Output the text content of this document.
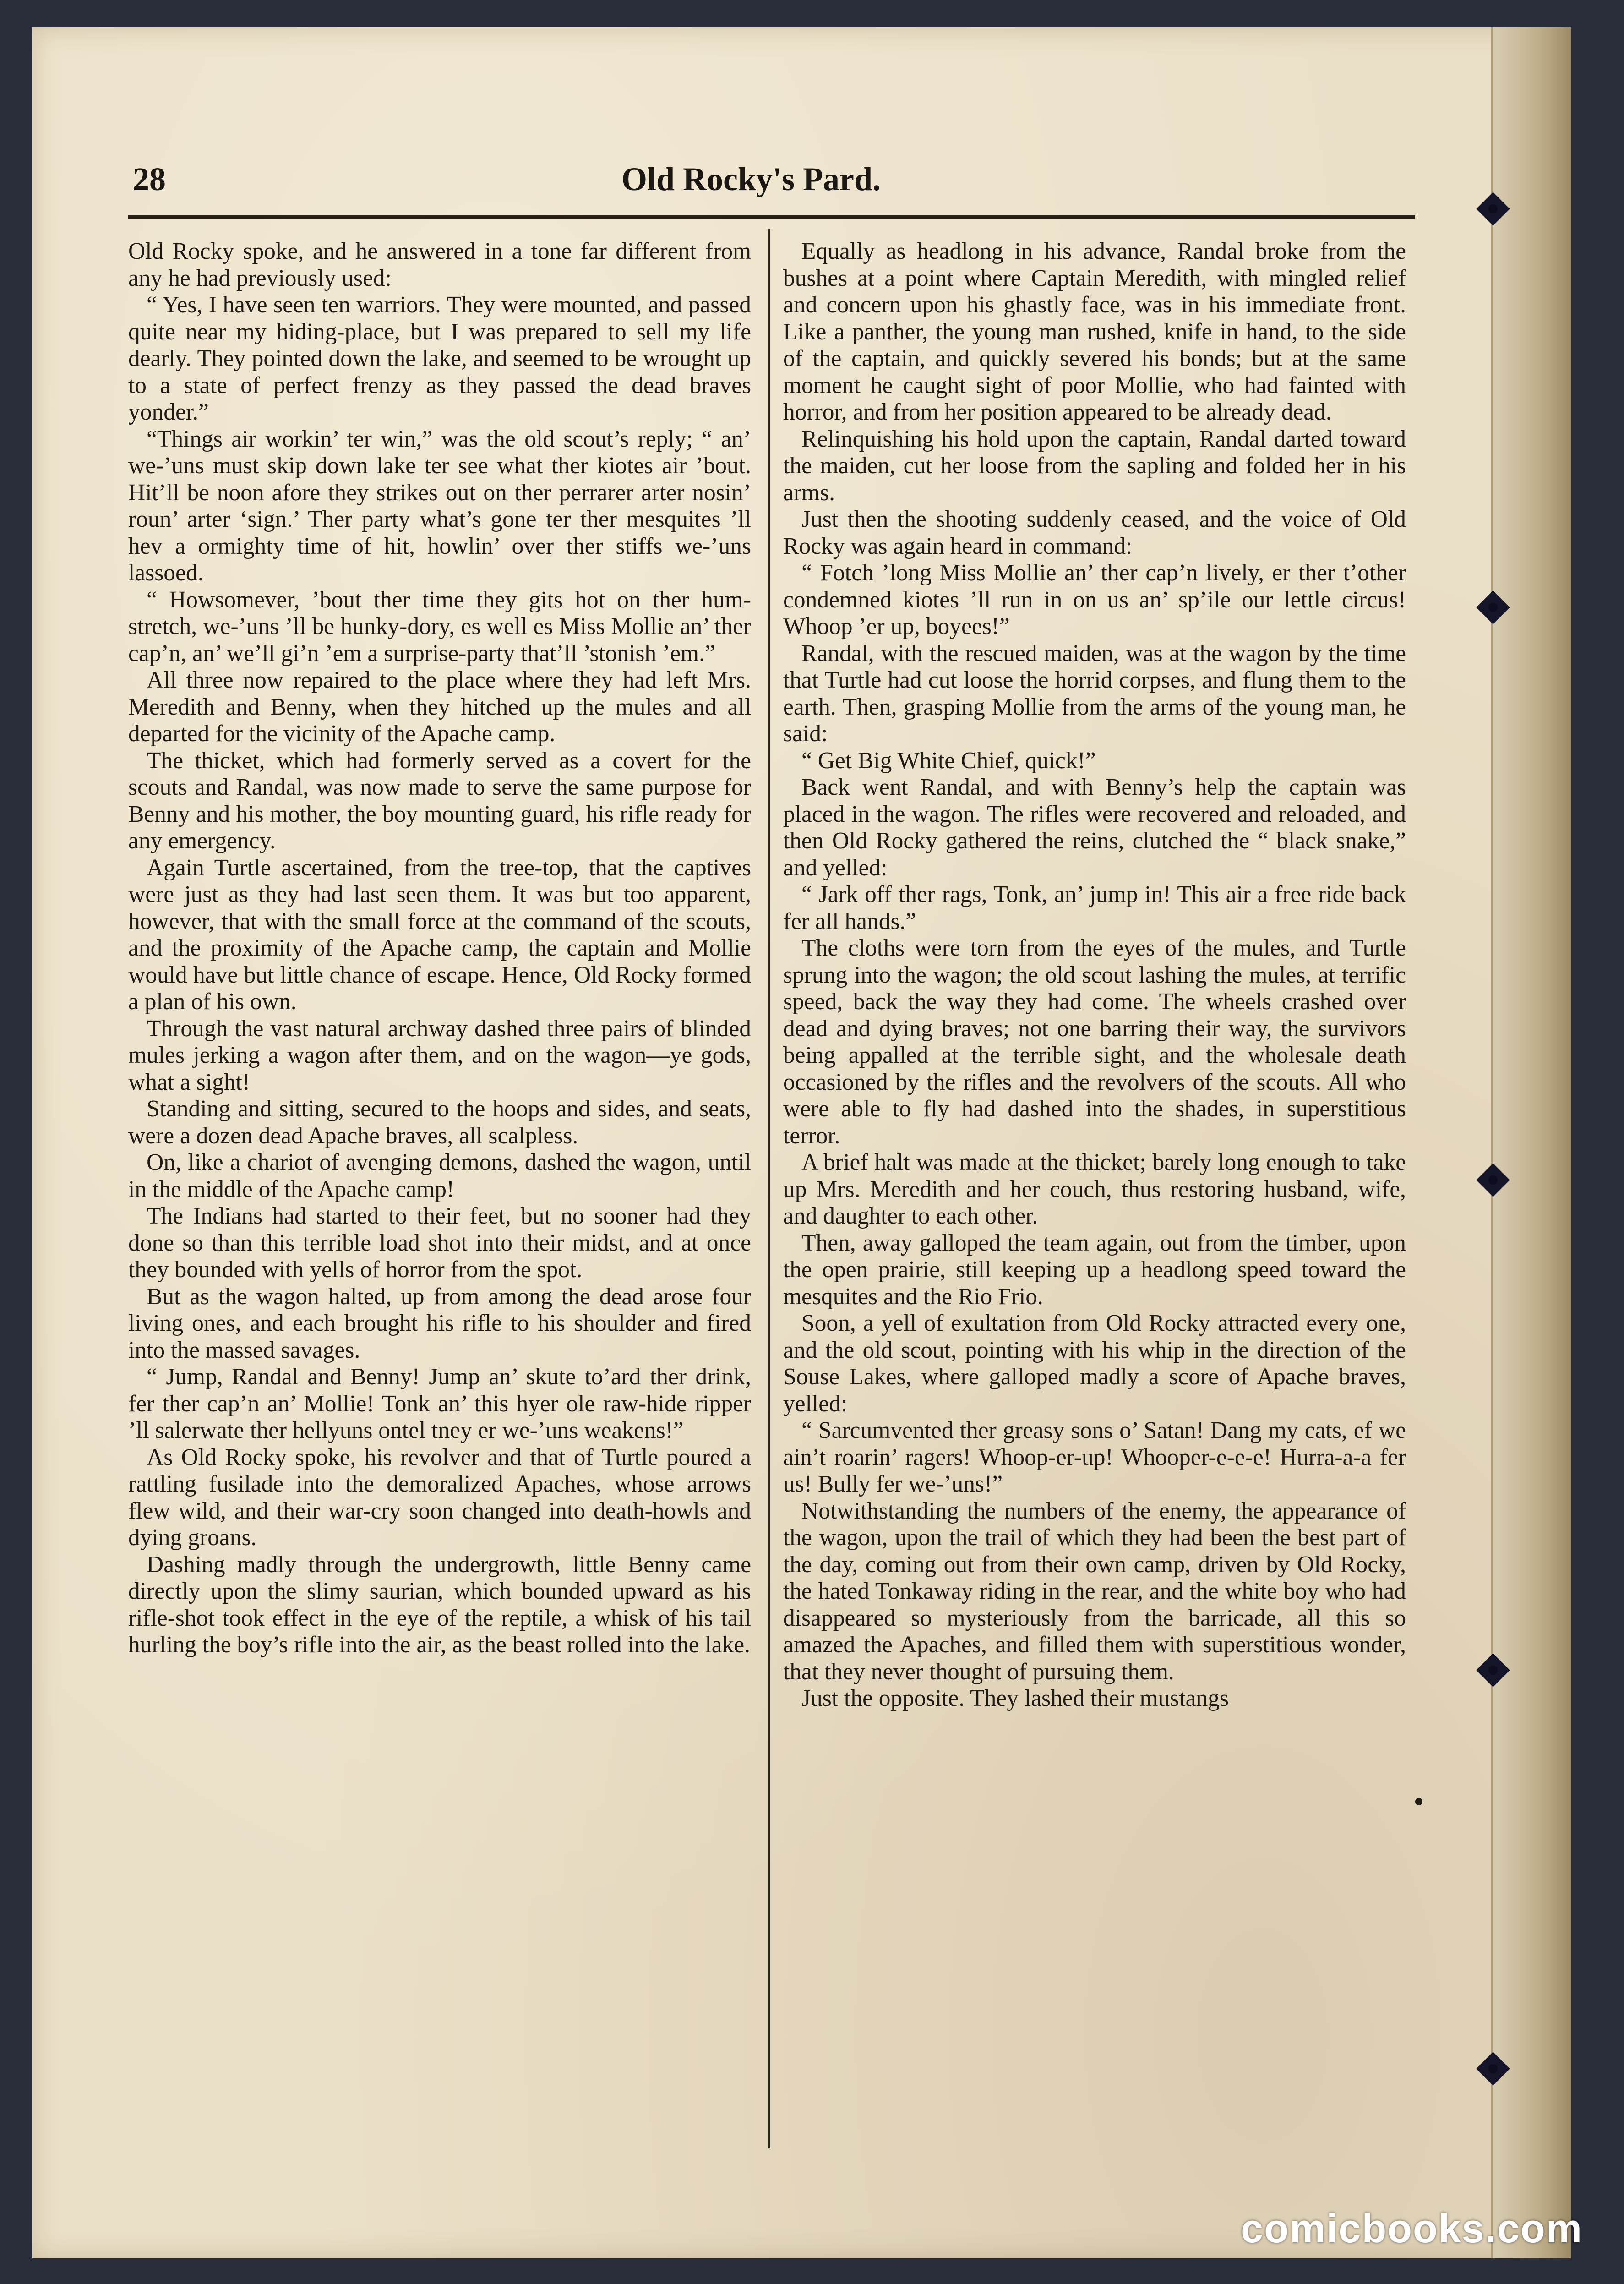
28	Old Rocky's Pard.

Old Rocky spoke, and he answered in a tone far different from any he had previously used:

“ Yes, I have seen ten warriors. They were mounted, and passed quite near my hiding-place, but I was prepared to sell my life dearly. They pointed down the lake, and seemed to be wrought up to a state of perfect frenzy as they passed the dead braves yonder.”

“Things air workin’ ter win,” was the old scout’s reply; “ an’ we-’uns must skip down lake ter see what ther kiotes air ’bout. Hit’ll be noon afore they strikes out on ther perrarer arter nosin’ roun’ arter ‘sign.’ Ther party what’s gone ter ther mesquites ’ll hev a ormighty time of hit, howlin’ over ther stiffs we-’uns lassoed.

“ Howsomever, ’bout ther time they gits hot on ther hum-stretch, we-’uns ’ll be hunky-dory, es well es Miss Mollie an’ ther cap’n, an’ we’ll gi’n ’em a surprise-party that’ll ’stonish ’em.”

All three now repaired to the place where they had left Mrs. Meredith and Benny, when they hitched up the mules and all departed for the vicinity of the Apache camp.

The thicket, which had formerly served as a covert for the scouts and Randal, was now made to serve the same purpose for Benny and his mother, the boy mounting guard, his rifle ready for any emergency.

Again Turtle ascertained, from the tree-top, that the captives were just as they had last seen them. It was but too apparent, however, that with the small force at the command of the scouts, and the proximity of the Apache camp, the captain and Mollie would have but little chance of escape. Hence, Old Rocky formed a plan of his own.

Through the vast natural archway dashed three pairs of blinded mules jerking a wagon after them, and on the wagon—ye gods, what a sight!

Standing and sitting, secured to the hoops and sides, and seats, were a dozen dead Apache braves, all scalpless.

On, like a chariot of avenging demons, dashed the wagon, until in the middle of the Apache camp!

The Indians had started to their feet, but no sooner had they done so than this terrible load shot into their midst, and at once they bounded with yells of horror from the spot.

But as the wagon halted, up from among the dead arose four living ones, and each brought his rifle to his shoulder and fired into the massed savages.

“ Jump, Randal and Benny! Jump an’ skute to’ard ther drink, fer ther cap’n an’ Mollie! Tonk an’ this hyer ole raw-hide ripper ’ll salerwate ther hellyuns ontel tney er we-’uns weakens!”

As Old Rocky spoke, his revolver and that of Turtle poured a rattling fusilade into the demoralized Apaches, whose arrows flew wild, and their war-cry soon changed into death-howls and dying groans.

Dashing madly through the undergrowth, little Benny came directly upon the slimy saurian, which bounded upward as his rifle-shot took effect in the eye of the reptile, a whisk of his tail hurling the boy’s rifle into the air, as the beast rolled into the lake.

Equally as headlong in his advance, Randal broke from the bushes at a point where Captain Meredith, with mingled relief and concern upon his ghastly face, was in his immediate front. Like a panther, the young man rushed, knife in hand, to the side of the captain, and quickly severed his bonds; but at the same moment he caught sight of poor Mollie, who had fainted with horror, and from her position appeared to be already dead.

Relinquishing his hold upon the captain, Randal darted toward the maiden, cut her loose from the sapling and folded her in his arms.

Just then the shooting suddenly ceased, and the voice of Old Rocky was again heard in command:

“ Fotch ’long Miss Mollie an’ ther cap’n lively, er ther t’other condemned kiotes ’ll run in on us an’ sp’ile our lettle circus! Whoop ’er up, boyees!”

Randal, with the rescued maiden, was at the wagon by the time that Turtle had cut loose the horrid corpses, and flung them to the earth. Then, grasping Mollie from the arms of the young man, he said:

“ Get Big White Chief, quick!”

Back went Randal, and with Benny’s help the captain was placed in the wagon. The rifles were recovered and reloaded, and then Old Rocky gathered the reins, clutched the “ black snake,” and yelled:

“ Jark off ther rags, Tonk, an’ jump in! This air a free ride back fer all hands.”

The cloths were torn from the eyes of the mules, and Turtle sprung into the wagon; the old scout lashing the mules, at terrific speed, back the way they had come. The wheels crashed over dead and dying braves; not one barring their way, the survivors being appalled at the terrible sight, and the wholesale death occasioned by the rifles and the revolvers of the scouts. All who were able to fly had dashed into the shades, in superstitious terror.

A brief halt was made at the thicket; barely long enough to take up Mrs. Meredith and her couch, thus restoring husband, wife, and daughter to each other.

Then, away galloped the team again, out from the timber, upon the open prairie, still keeping up a headlong speed toward the mesquites and the Rio Frio.

Soon, a yell of exultation from Old Rocky attracted every one, and the old scout, pointing with his whip in the direction of the Souse Lakes, where galloped madly a score of Apache braves, yelled:

“ Sarcumvented ther greasy sons o’ Satan! Dang my cats, ef we ain’t roarin’ ragers! Whoop-er-up! Whooper-e-e-e! Hurra-a-a fer us! Bully fer we-’uns!”

Notwithstanding the numbers of the enemy, the appearance of the wagon, upon the trail of which they had been the best part of the day, coming out from their own camp, driven by Old Rocky, the hated Tonkaway riding in the rear, and the white boy who had disappeared so mysteriously from the barricade, all this so amazed the Apaches, and filled them with superstitious wonder, that they never thought of pursuing them.

Just the opposite. They lashed their mustangs

comicbooks.com
